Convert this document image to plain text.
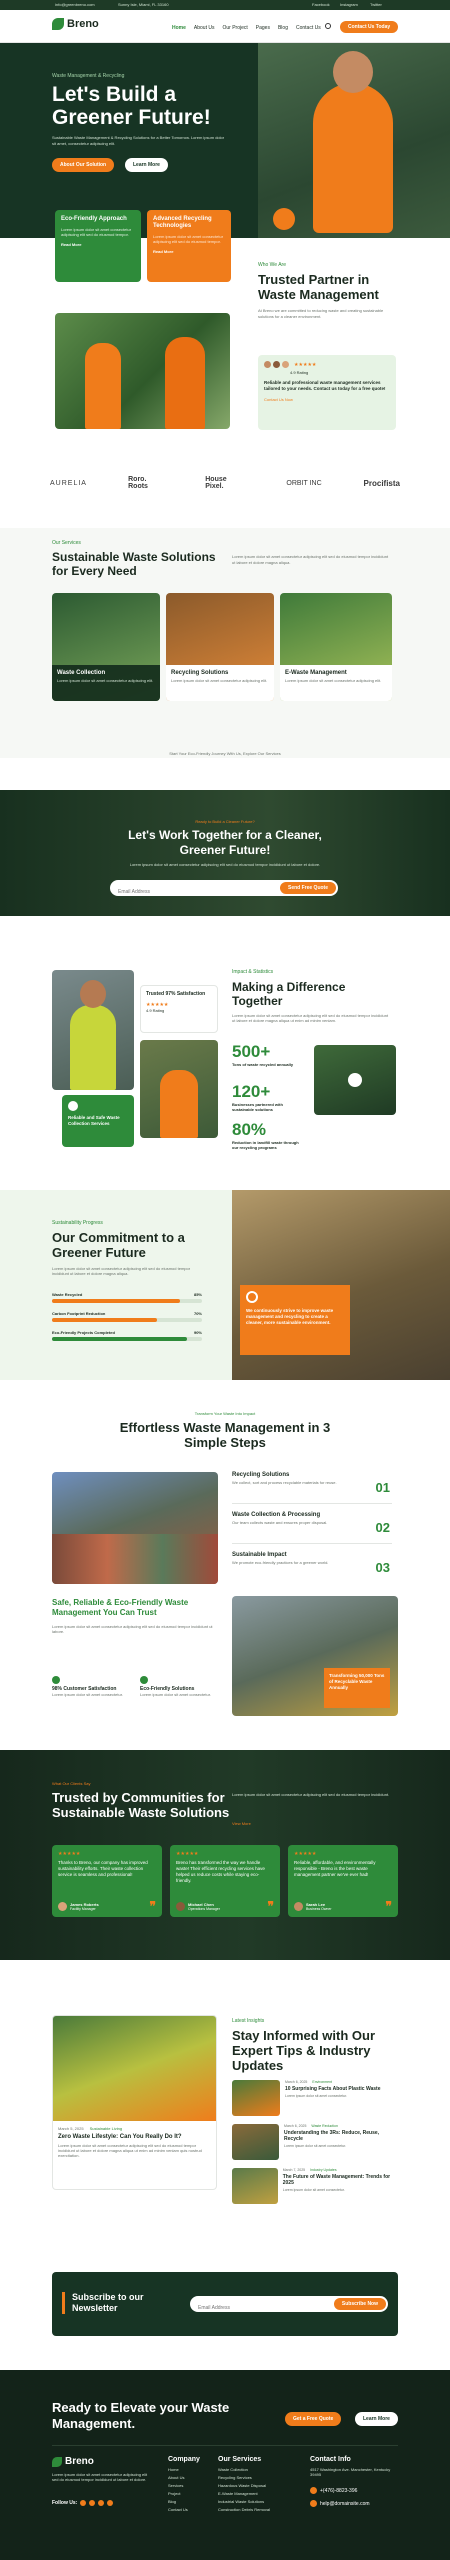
info@greenbreno.com	Sunny Isle, Miami, FL 33160	Facebook	Instagram	Twitter
Breno	Home About Us Our Project Pages Blog Contact Us	Contact Us Today
Waste Management & Recycling
Let's Build a Greener Future!

Sustainable Waste Management & Recycling Solutions for a Better Tomorrow. Lorem ipsum dolor sit amet, consectetur adipiscing elit.

About Our Solution	Learn More
Eco-Friendly Approach
Lorem ipsum dolor sit amet consectetur adipiscing elit sed do eiusmod tempor.
Read More
Advanced Recycling Technologies
Lorem ipsum dolor sit amet consectetur adipiscing elit sed do eiusmod tempor.
Read More
Who We Are
Trusted Partner in Waste Management

At Breno we are committed to reducing waste and creating sustainable solutions for a cleaner environment.

★★★★★
4.9 Rating

Reliable and professional waste management services tailored to your needs. Contact us today for a free quote!

Contact Us Now
AURELIA	Roro. Roots
House Pixel.	ORBIT INC	Procifista
Our Services
Sustainable Waste Solutions for Every Need

Lorem ipsum dolor sit amet consectetur adipiscing elit sed do eiusmod tempor incididunt ut labore et dolore magna aliqua.

Waste Collection
Lorem ipsum dolor sit amet consectetur adipiscing elit.
Recycling Solutions
Lorem ipsum dolor sit amet consectetur adipiscing elit.
E-Waste Management
Lorem ipsum dolor sit amet consectetur adipiscing elit.
Start Your Eco-Friendly Journey With Us, Explore Our Services
Ready to Build a Cleaner Future?
Let's Work Together for a Cleaner, Greener Future!

Lorem ipsum dolor sit amet consectetur adipiscing elit sed do eiusmod tempor incididunt ut labore et dolore.

Email Address
Send Free Quote
Trusted 97% Satisfaction
★★★★★
4.9 Rating
Reliable and Safe Waste Collection Services
Impact & Statistics
Making a Difference Together

Lorem ipsum dolor sit amet consectetur adipiscing elit sed do eiusmod tempor incididunt ut labore et dolore magna aliqua ut enim ad minim veniam.

500+
Tons of waste recycled annually
120+
Businesses partnered with sustainable solutions
80%
Reduction in landfill waste through our recycling programs
Sustainability Progress
Our Commitment to a Greener Future

Lorem ipsum dolor sit amet consectetur adipiscing elit sed do eiusmod tempor incididunt ut labore et dolore magna aliqua.

Waste Recycled	85%
Carbon Footprint Reduction	70%
Eco-Friendly Projects Completed	90%
We continuously strive to improve waste management and recycling to create a cleaner, more sustainable environment.
Transform Your Waste Into Impact
Effortless Waste Management in 3 Simple Steps
Recycling Solutions
We collect, sort and process recyclable materials for reuse.	01
Waste Collection & Processing
Our team collects waste and ensures proper disposal.	02
Sustainable Impact
We promote eco-friendly practices for a greener world.	03
Safe, Reliable & Eco-Friendly Waste Management You Can Trust

Lorem ipsum dolor sit amet consectetur adipiscing elit sed do eiusmod tempor incididunt ut labore.

98% Customer Satisfaction
Lorem ipsum dolor sit amet consectetur.
Eco-Friendly Solutions
Lorem ipsum dolor sit amet consectetur.
Transforming 50,000 Tons of Recyclable Waste Annually
What Our Clients Say
Trusted by Communities for Sustainable Waste Solutions

Lorem ipsum dolor sit amet consectetur adipiscing elit sed do eiusmod tempor incididunt.

View More
★★★★★

Thanks to Breno, our company has improved sustainability efforts. Their waste collection service is seamless and professional!

James Roberts
Facility Manager	❞
★★★★★

Breno has transformed the way we handle waste! Their efficient recycling services have helped us reduce costs while staying eco-friendly.

Michael Chen
Operations Manager	❞
★★★★★

Reliable, affordable, and environmentally responsible - Breno is the best waste management partner we've ever had!

Sarah Lee
Business Owner	❞
March 5, 2025 Sustainable Living
Zero Waste Lifestyle: Can You Really Do It?
Lorem ipsum dolor sit amet consectetur adipiscing elit sed do eiusmod tempor incididunt ut labore et dolore magna aliqua ut enim ad minim veniam quis nostrud exercitation.
Latest Insights
Stay Informed with Our Expert Tips & Industry Updates
March 6, 2025 Environment
10 Surprising Facts About Plastic Waste
Lorem ipsum dolor sit amet consectetur.
March 6, 2025 Waste Reduction
Understanding the 3Rs: Reduce, Reuse, Recycle
Lorem ipsum dolor sit amet consectetur.
March 7, 2025 Industry Updates
The Future of Waste Management: Trends for 2025
Lorem ipsum dolor sit amet consectetur.
Subscribe to our Newsletter
Email Address	Subscribe Now
Ready to Elevate your Waste Management.	Get a Free Quote	Learn More
Breno

Lorem ipsum dolor sit amet consectetur adipiscing elit sed do eiusmod tempor incididunt ut labore et dolore.

Follow Us:
Company
Home
About Us
Services
Project
Blog
Contact Us
Our Services
Waste Collection
Recycling Services
Hazardous Waste Disposal
E-Waste Management
Industrial Waste Solutions
Construction Debris Removal
Contact Info
4517 Washington Ave. Manchester, Kentucky 39495
+(476)-8823-396
help@domainsite.com
